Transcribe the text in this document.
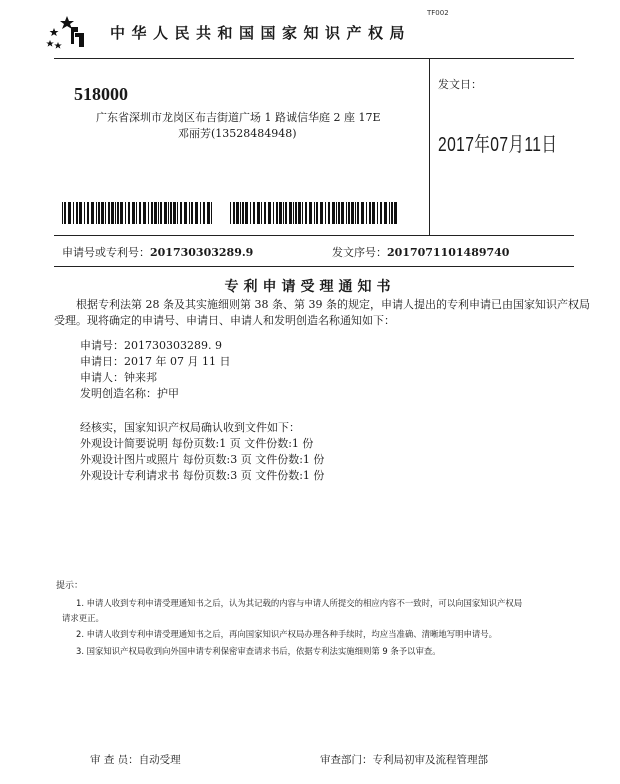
TF002
中华人民共和国国家知识产权局
518000
广东省深圳市龙岗区布吉街道广场 1 路诚信华庭 2 座 17E
邓丽芳(13528484948)
发文日：
2017年07月11日
申请号或专利号：201730303289.9	发文序号：2017071101489740
专利申请受理通知书
根据专利法第 28 条及其实施细则第 38 条、第 39 条的规定，申请人提出的专利申请已由国家知识产权局
受理。现将确定的申请号、申请日、申请人和发明创造名称通知如下：
申请号：201730303289. 9
申请日：2017 年 07 月 11 日
申请人：钟来邦
发明创造名称：护甲
经核实，国家知识产权局确认收到文件如下：
外观设计简要说明 每份页数:1 页 文件份数:1 份
外观设计图片或照片 每份页数:3 页 文件份数:1 份
外观设计专利请求书 每份页数:3 页 文件份数:1 份
提示：
1. 申请人收到专利申请受理通知书之后，认为其记载的内容与申请人所提交的相应内容不一致时，可以向国家知识产权局
请求更正。
2. 申请人收到专利申请受理通知书之后，再向国家知识产权局办理各种手续时，均应当准确、清晰地写明申请号。
3. 国家知识产权局收到向外国申请专利保密审查请求书后，依据专利法实施细则第 9 条予以审查。
审 查 员：自动受理	审查部门：专利局初审及流程管理部
